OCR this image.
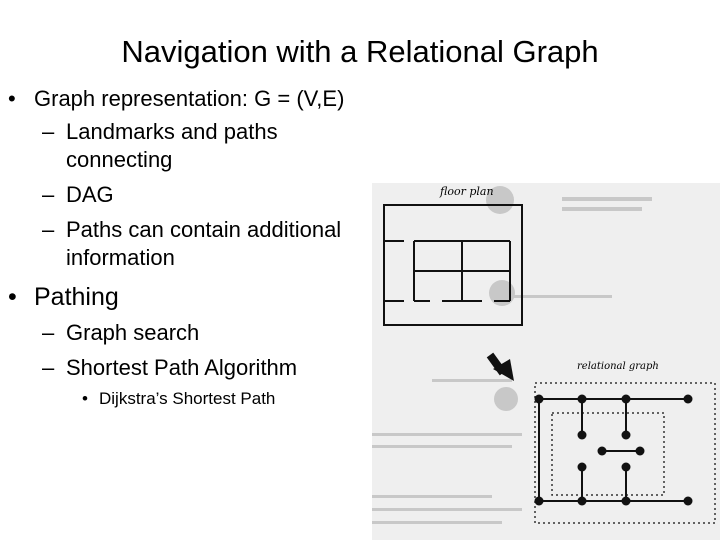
Navigation with a Relational Graph
• Graph representation: G = (V,E)
– Landmarks and paths
connecting
– DAG
– Paths can contain additional
information
• Pathing
– Graph search
– Shortest Path Algorithm
• Dijkstra’s Shortest Path
floor plan
relational graph
